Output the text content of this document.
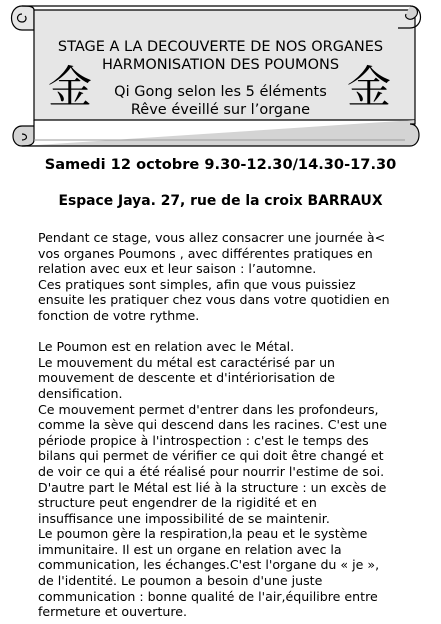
金	金
STAGE A LA DECOUVERTE DE NOS ORGANES
HARMONISATION DES POUMONS
Qi Gong selon les 5 éléments
Rêve éveillé sur l’organe
Samedi 12 octobre 9.30-12.30/14.30-17.30
Espace Jaya. 27, rue de la croix BARRAUX

Pendant ce stage, vous allez consacrer une journée à<
vos organes Poumons , avec différentes pratiques en
relation avec eux et leur saison : l’automne.
Ces pratiques sont simples, afin que vous puissiez
ensuite les pratiquer chez vous dans votre quotidien en
fonction de votre rythme.

Le Poumon est en relation avec le Métal.
Le mouvement du métal est caractérisé par un
mouvement de descente et d'intériorisation de
densification.
Ce mouvement permet d'entrer dans les profondeurs,
comme la sève qui descend dans les racines. C'est une
période propice à l'introspection : c'est le temps des
bilans qui permet de vérifier ce qui doit être changé et
de voir ce qui a été réalisé pour nourrir l'estime de soi.
D'autre part le Métal est lié à la structure : un excès de
structure peut engendrer de la rigidité et en
insuffisance une impossibilité de se maintenir.
Le poumon gère la respiration,la peau et le système
immunitaire. Il est un organe en relation avec la
communication, les échanges.C'est l'organe du « je »,
de l'identité. Le poumon a besoin d'une juste
communication : bonne qualité de l'air,équilibre entre
fermeture et ouverture.
